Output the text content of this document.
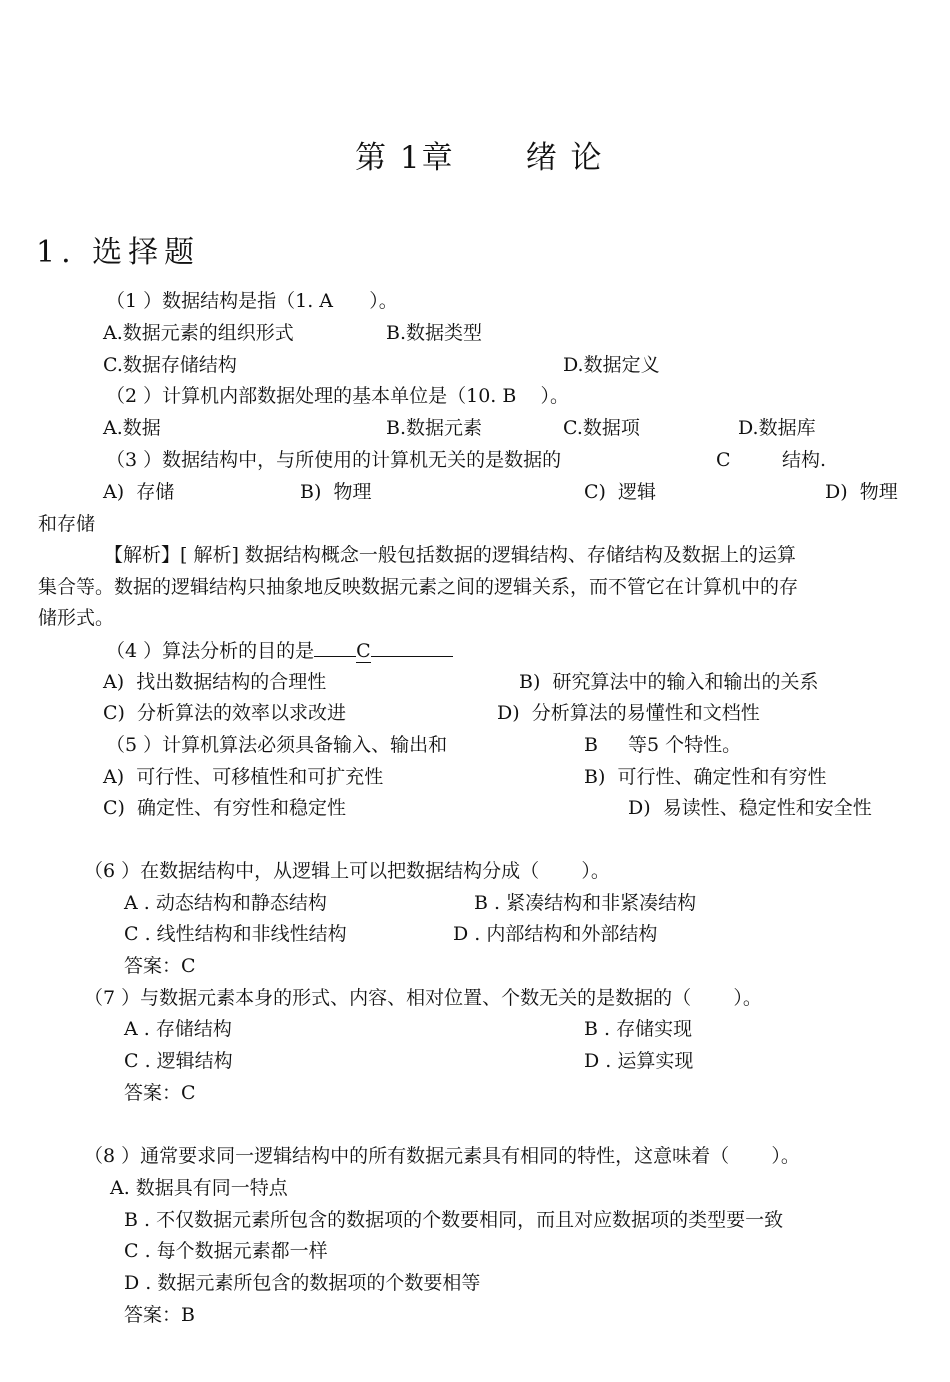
第 1章      绪 论
1. 选择题
（1 ）数据结构是指（1. A      ）。
A.数据元素的组织形式	B.数据类型
C.数据存储结构	D.数据定义
（2 ）计算机内部数据处理的基本单位是（10. B    ）。
A.数据	B.数据元素	C.数据项	D.数据库
（3 ）数据结构中，与所使用的计算机无关的是数据的	C	结构.
A)  存储	B)  物理	C)  逻辑	D)  物理
和存储
【解析】[ 解析] 数据结构概念一般包括数据的逻辑结构、存储结构及数据上的运算
集合等。数据的逻辑结构只抽象地反映数据元素之间的逻辑关系，而不管它在计算机中的存
储形式。
（4 ）算法分析的目的是 C
A)  找出数据结构的合理性	B)  研究算法中的输入和输出的关系
C)  分析算法的效率以求改进	D)  分析算法的易懂性和文档性
（5 ）计算机算法必须具备输入、输出和	B 等5 个特性。
A)  可行性、可移植性和可扩充性	B)  可行性、确定性和有穷性
C)  确定性、有穷性和稳定性	D)  易读性、稳定性和安全性
（6 ）在数据结构中，从逻辑上可以把数据结构分成（       ）。
A . 动态结构和静态结构	B . 紧凑结构和非紧凑结构
C . 线性结构和非线性结构	D . 内部结构和外部结构
答案：C
（7 ）与数据元素本身的形式、内容、相对位置、个数无关的是数据的（       ）。
A . 存储结构	B . 存储实现
C . 逻辑结构	D . 运算实现
答案：C
（8 ）通常要求同一逻辑结构中的所有数据元素具有相同的特性，这意味着（       ）。
A. 数据具有同一特点
B . 不仅数据元素所包含的数据项的个数要相同，而且对应数据项的类型要一致
C . 每个数据元素都一样
D . 数据元素所包含的数据项的个数要相等
答案：B
